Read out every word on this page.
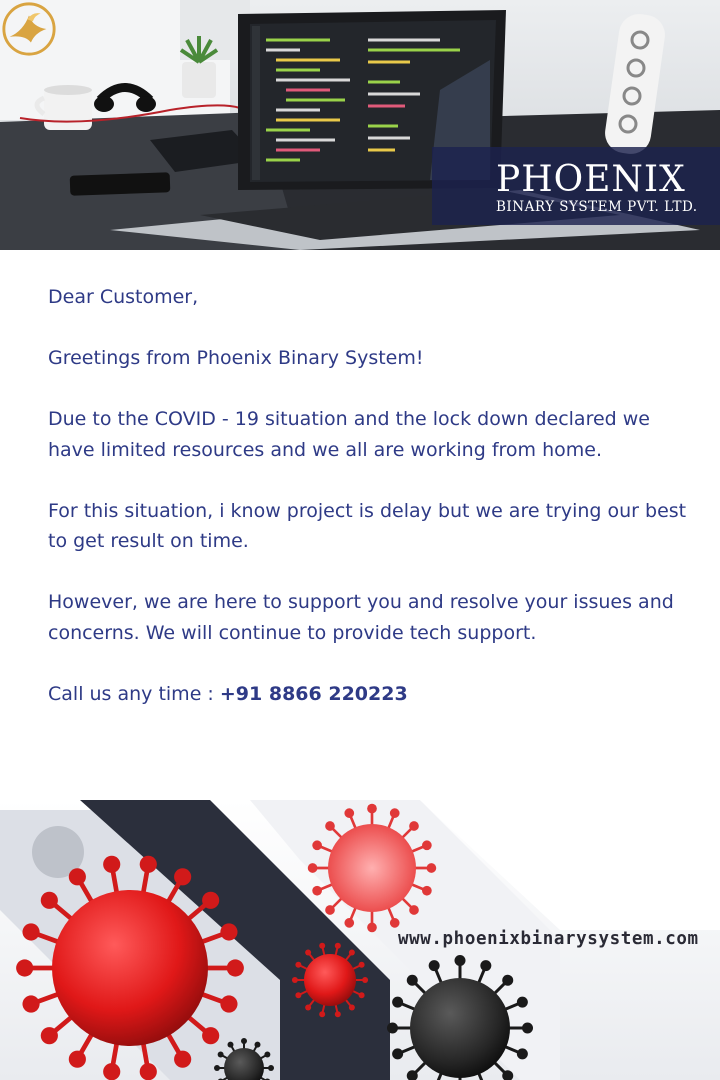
PHOENIX
BINARY SYSTEM PVT. LTD.

Dear Customer,

Greetings from Phoenix Binary System!

Due to the COVID - 19 situation and the lock down declared we have limited resources and we all are working from home.

For this situation, i know project is delay but we are trying our best to get result on time.

However, we are here to support you and resolve your issues and concerns. We will continue to provide tech support.

Call us any time : +91 8866 220223

www.phoenixbinarysystem.com
